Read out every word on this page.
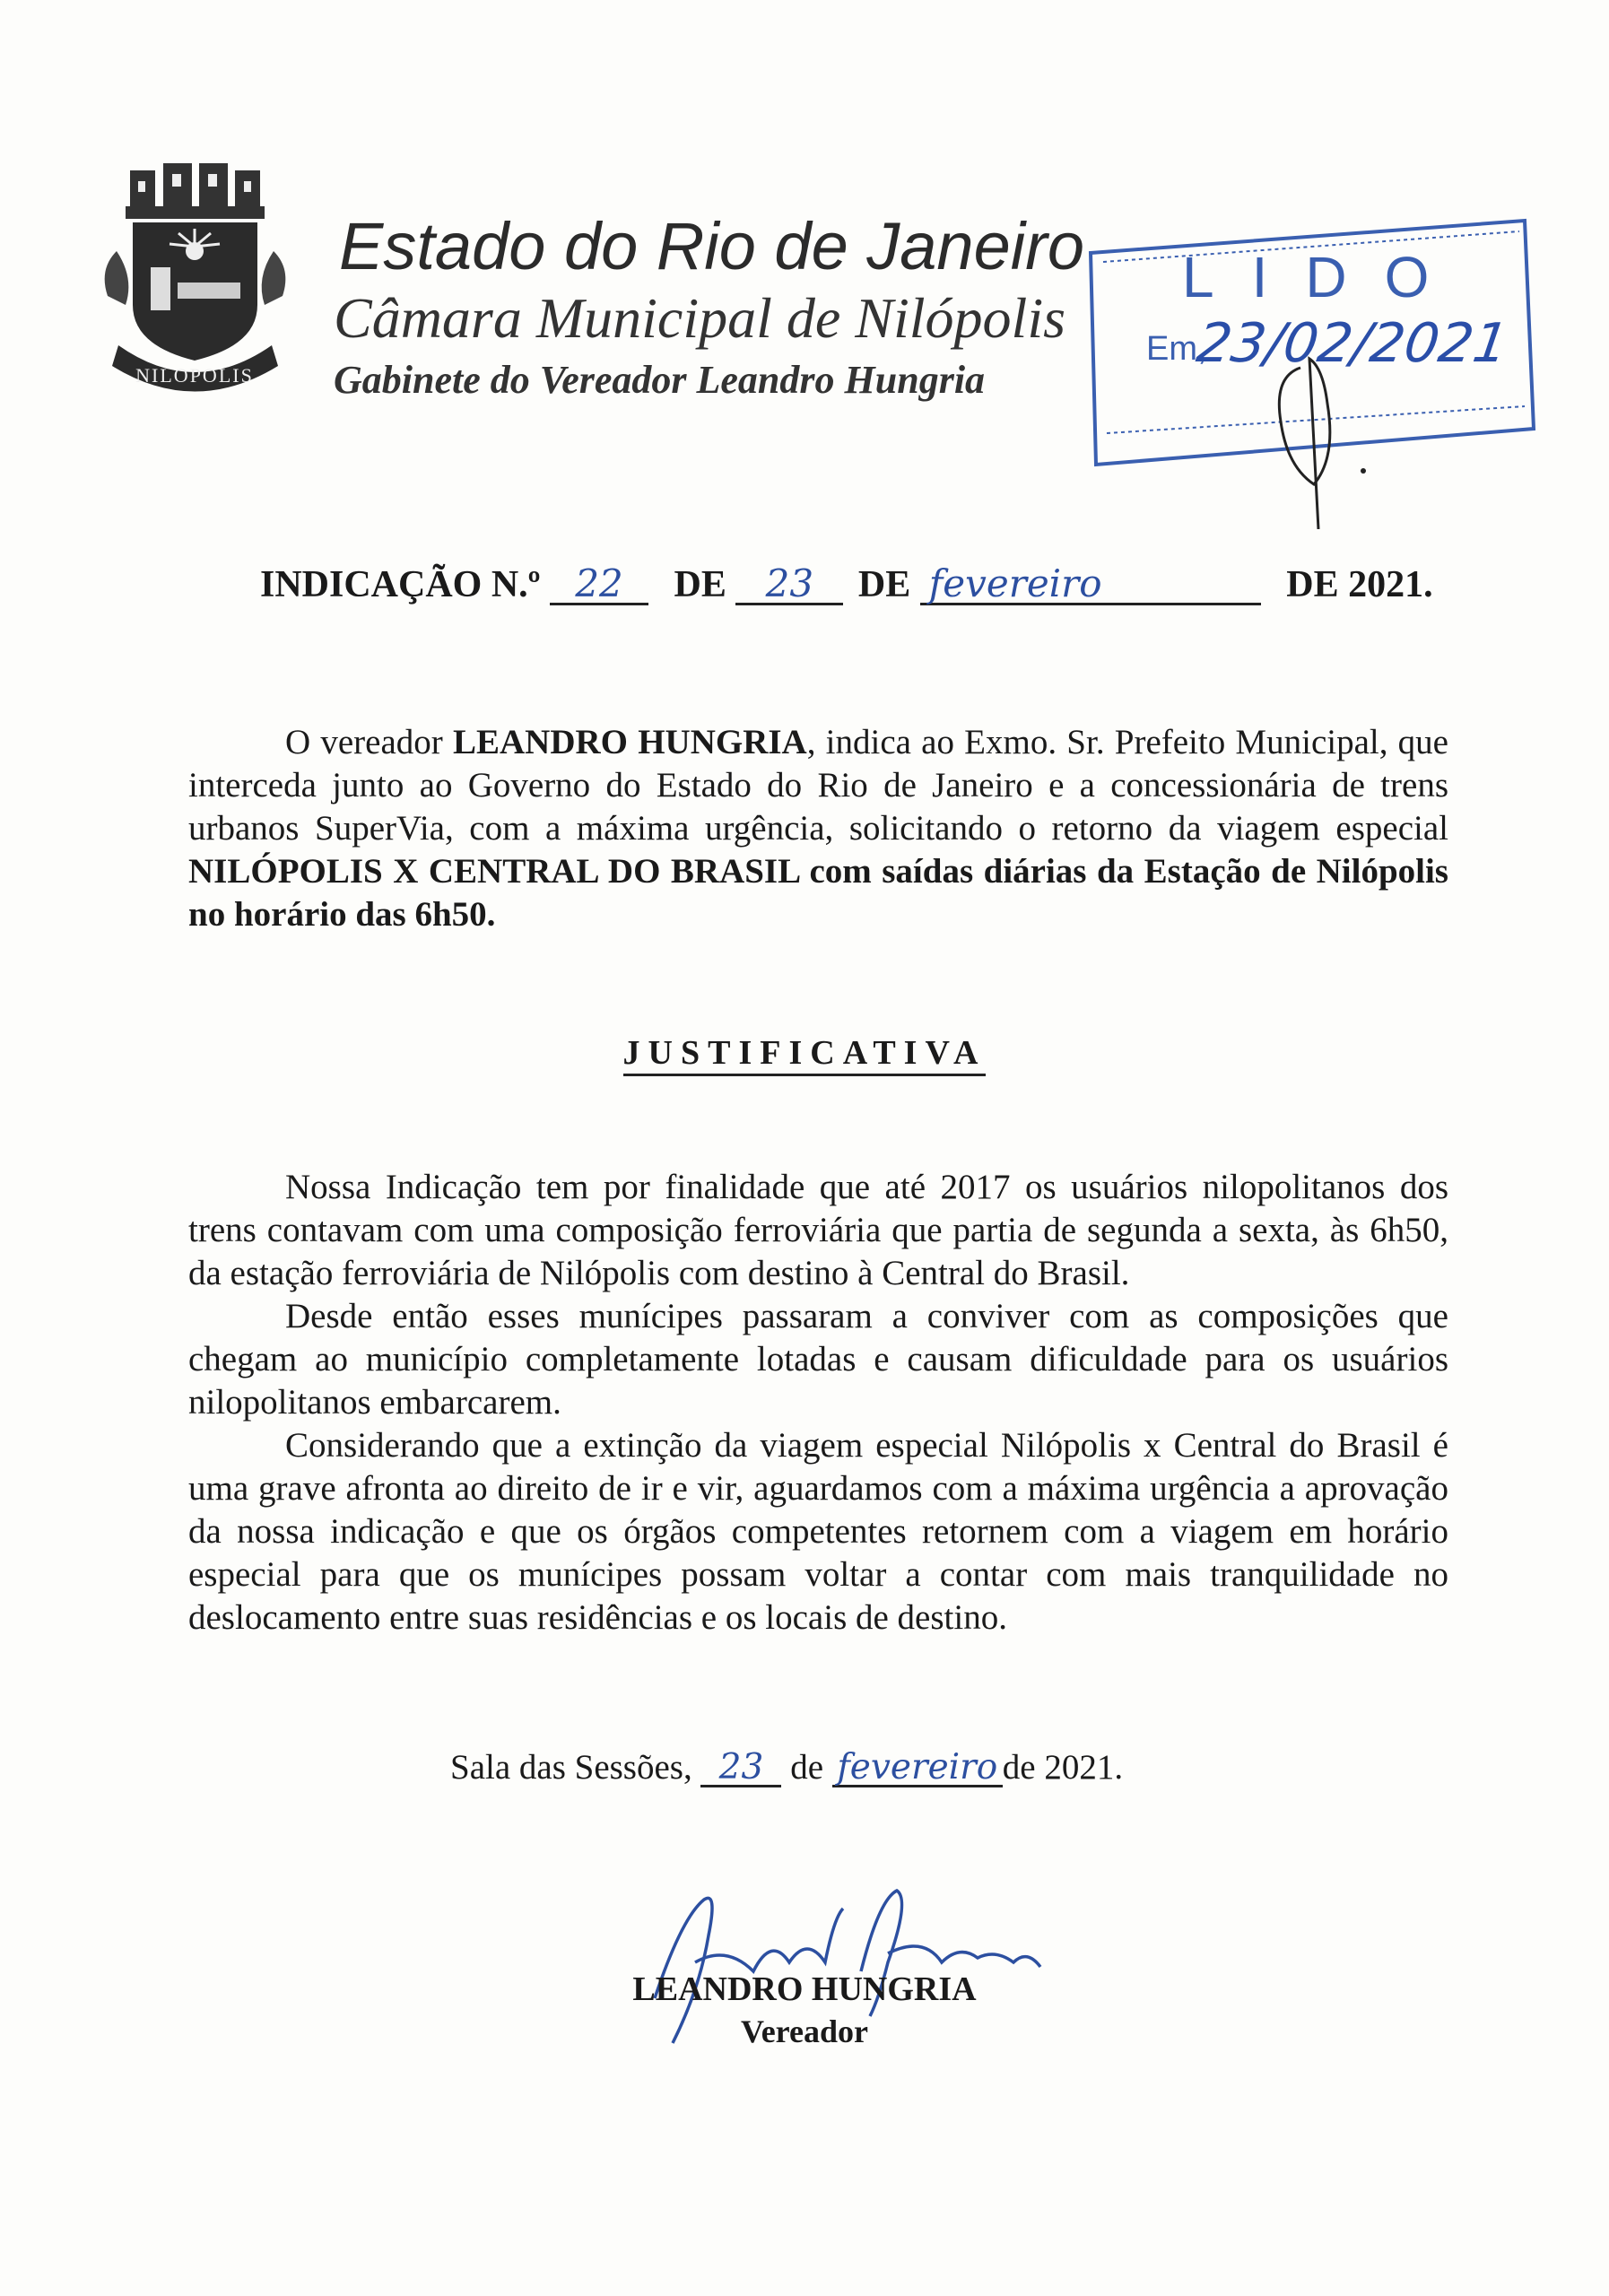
NILOPOLIS
Estado do Rio de Janeiro
Câmara Municipal de Nilópolis
Gabinete do Vereador Leandro Hungria
LIDO
Em,
23/02/2021
INDICAÇÃO N.º 22 DE 23 DE fevereiro	DE 2021.

O vereador LEANDRO HUNGRIA, indica ao Exmo. Sr. Prefeito Municipal, que interceda junto ao Governo do Estado do Rio de Janeiro e a concessionária de trens urbanos SuperVia, com a máxima urgência, solicitando o retorno da viagem especial NILÓPOLIS X CENTRAL DO BRASIL com saídas diárias da Estação de Nilópolis no horário das 6h50.

JUSTIFICATIVA

Nossa Indicação tem por finalidade que até 2017 os usuários nilopolitanos dos trens contavam com uma composição ferroviária que partia de segunda a sexta, às 6h50, da estação ferroviária de Nilópolis com destino à Central do Brasil.

Desde então esses munícipes passaram a conviver com as composições que chegam ao município completamente lotadas e causam dificuldade para os usuários nilopolitanos embarcarem.

Considerando que a extinção da viagem especial Nilópolis x Central do Brasil é uma grave afronta ao direito de ir e vir, aguardamos com a máxima urgência a aprovação da nossa indicação e que os órgãos competentes retornem com a viagem em horário especial para que os munícipes possam voltar a contar com mais tranquilidade no deslocamento entre suas residências e os locais de destino.

Sala das Sessões, 23 de fevereiro de 2021.
LEANDRO HUNGRIA
Vereador
